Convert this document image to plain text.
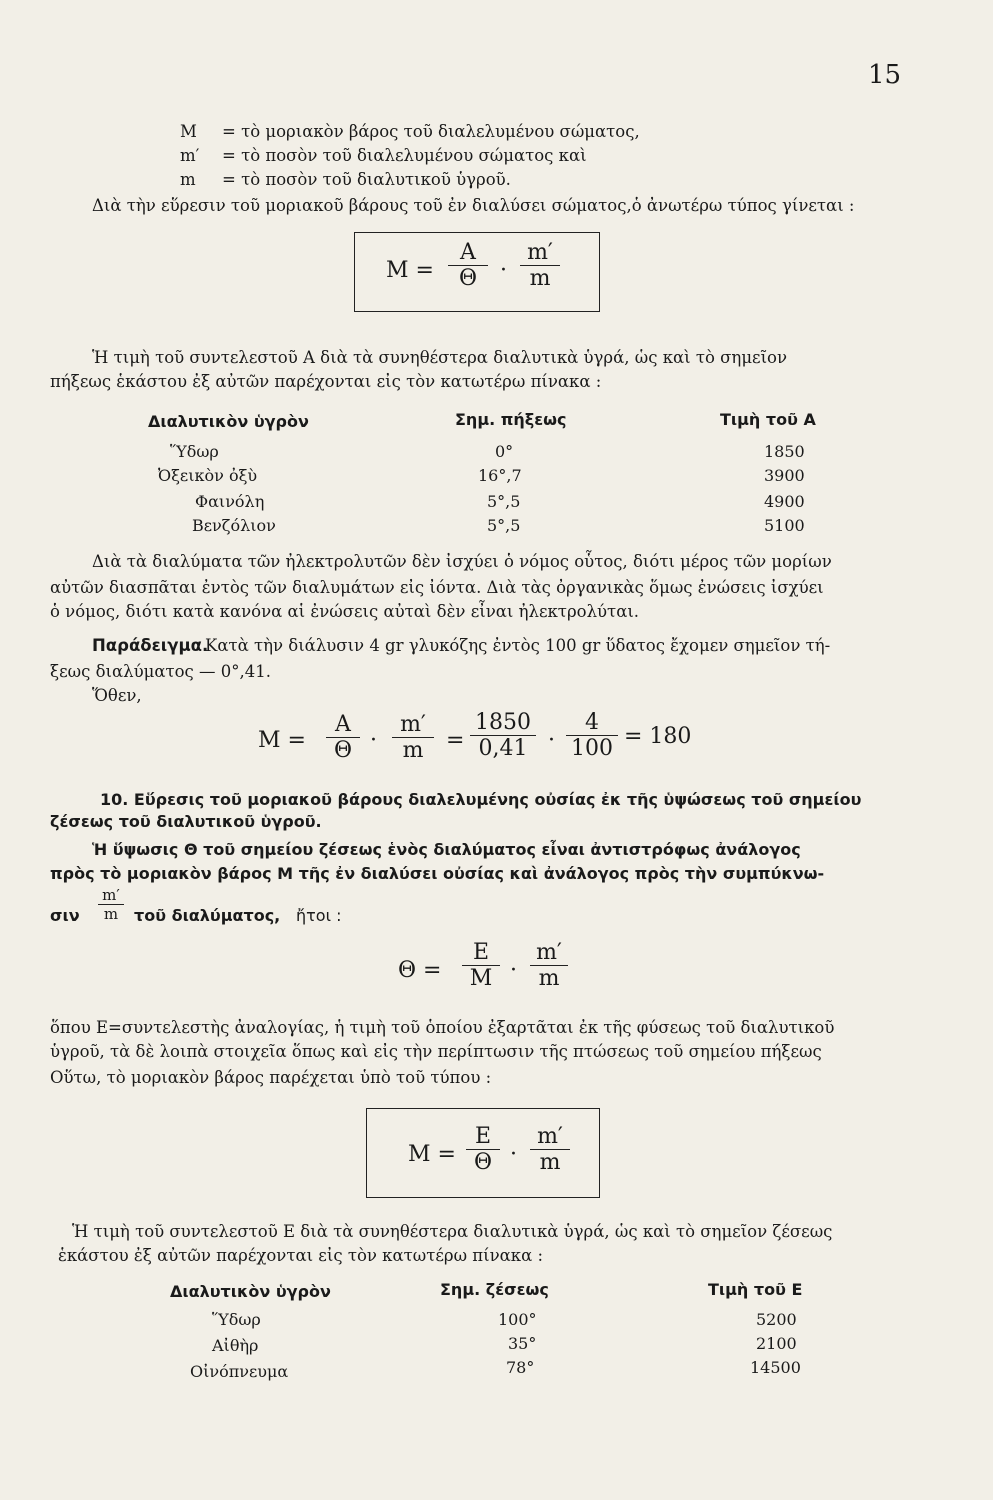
15
M = τὸ μοριακὸν βάρος τοῦ διαλελυμένου σώματος,
m′ = τὸ ποσὸν τοῦ διαλελυμένου σώματος καὶ
m = τὸ ποσὸν τοῦ διαλυτικοῦ ὑγροῦ.
Διὰ τὴν εὕρεσιν τοῦ μοριακοῦ βάρους τοῦ ἐν διαλύσει σώματος,ὁ ἀνωτέρω τύπος γίνεται :
$M = \frac{A}{\Theta} \cdot \frac{m'}{m}$
Ἡ τιμὴ τοῦ συντελεστοῦ Α διὰ τὰ συνηθέστερα διαλυτικὰ ὑγρά, ὡς καὶ τὸ σημεῖον
πήξεως ἑκάστου ἐξ αὐτῶν παρέχονται εἰς τὸν κατωτέρω πίνακα :
Διαλυτικὸν ὑγρὸν	Σημ. πήξεως	Τιμὴ τοῦ Α
Ὕδωρ	0°	1850
Ὀξεικὸν ὀξὺ	16°,7	3900
Φαινόλη	5°,5	4900
Βενζόλιον	5°,5	5100
Διὰ τὰ διαλύματα τῶν ἠλεκτρολυτῶν δὲν ἰσχύει ὁ νόμος οὗτος, διότι μέρος τῶν μορίων
αὐτῶν διασπᾶται ἐντὸς τῶν διαλυμάτων εἰς ἰόντα. Διὰ τὰς ὀργανικὰς ὅμως ἐνώσεις ἰσχύει
ὁ νόμος, διότι κατὰ κανόνα αἱ ἐνώσεις αὐταὶ δὲν εἶναι ἠλεκτρολύται.
Παράδειγμα.
Κατὰ τὴν διάλυσιν 4 gr γλυκόζης ἐντὸς 100 gr ὕδατος ἔχομεν σημεῖον τή-
ξεως διαλύματος — 0°,41.
Ὅθεν,
$M = \frac{A}{\Theta} \cdot \frac{m'}{m} = \frac{1850}{0,41} \cdot \frac{4}{100} = 180$
10. Εὕρεσις τοῦ μοριακοῦ βάρους διαλελυμένης οὐσίας ἐκ τῆς ὑψώσεως τοῦ σημείου
ζέσεως τοῦ διαλυτικοῦ ὑγροῦ.
Ἡ ὕψωσις Θ τοῦ σημείου ζέσεως ἑνὸς διαλύματος εἶναι ἀντιστρόφως ἀνάλογος
πρὸς τὸ μοριακὸν βάρος Μ τῆς ἐν διαλύσει οὐσίας καὶ ἀνάλογος πρὸς τὴν συμπύκνω-
σιν $\frac{m'}{m}$ τοῦ διαλύματος, ἤτοι :
$\Theta = \frac{E}{M} \cdot \frac{m'}{m}$
ὅπου Ε=συντελεστὴς ἀναλογίας, ἡ τιμὴ τοῦ ὁποίου ἐξαρτᾶται ἐκ τῆς φύσεως τοῦ διαλυτικοῦ
ὑγροῦ, τὰ δὲ λοιπὰ στοιχεῖα ὅπως καὶ εἰς τὴν περίπτωσιν τῆς πτώσεως τοῦ σημείου πήξεως
Οὕτω, τὸ μοριακὸν βάρος παρέχεται ὑπὸ τοῦ τύπου :
$M = \frac{E}{\Theta} \cdot \frac{m'}{m}$
Ἡ τιμὴ τοῦ συντελεστοῦ Ε διὰ τὰ συνηθέστερα διαλυτικὰ ὑγρά, ὡς καὶ τὸ σημεῖον ζέσεως
ἑκάστου ἐξ αὐτῶν παρέχονται εἰς τὸν κατωτέρω πίνακα :
Διαλυτικὸν ὑγρὸν	Σημ. ζέσεως	Τιμὴ τοῦ Ε
Ὕδωρ	100°	5200
Αἰθὴρ	35°	2100
Οἰνόπνευμα	78°	14500
